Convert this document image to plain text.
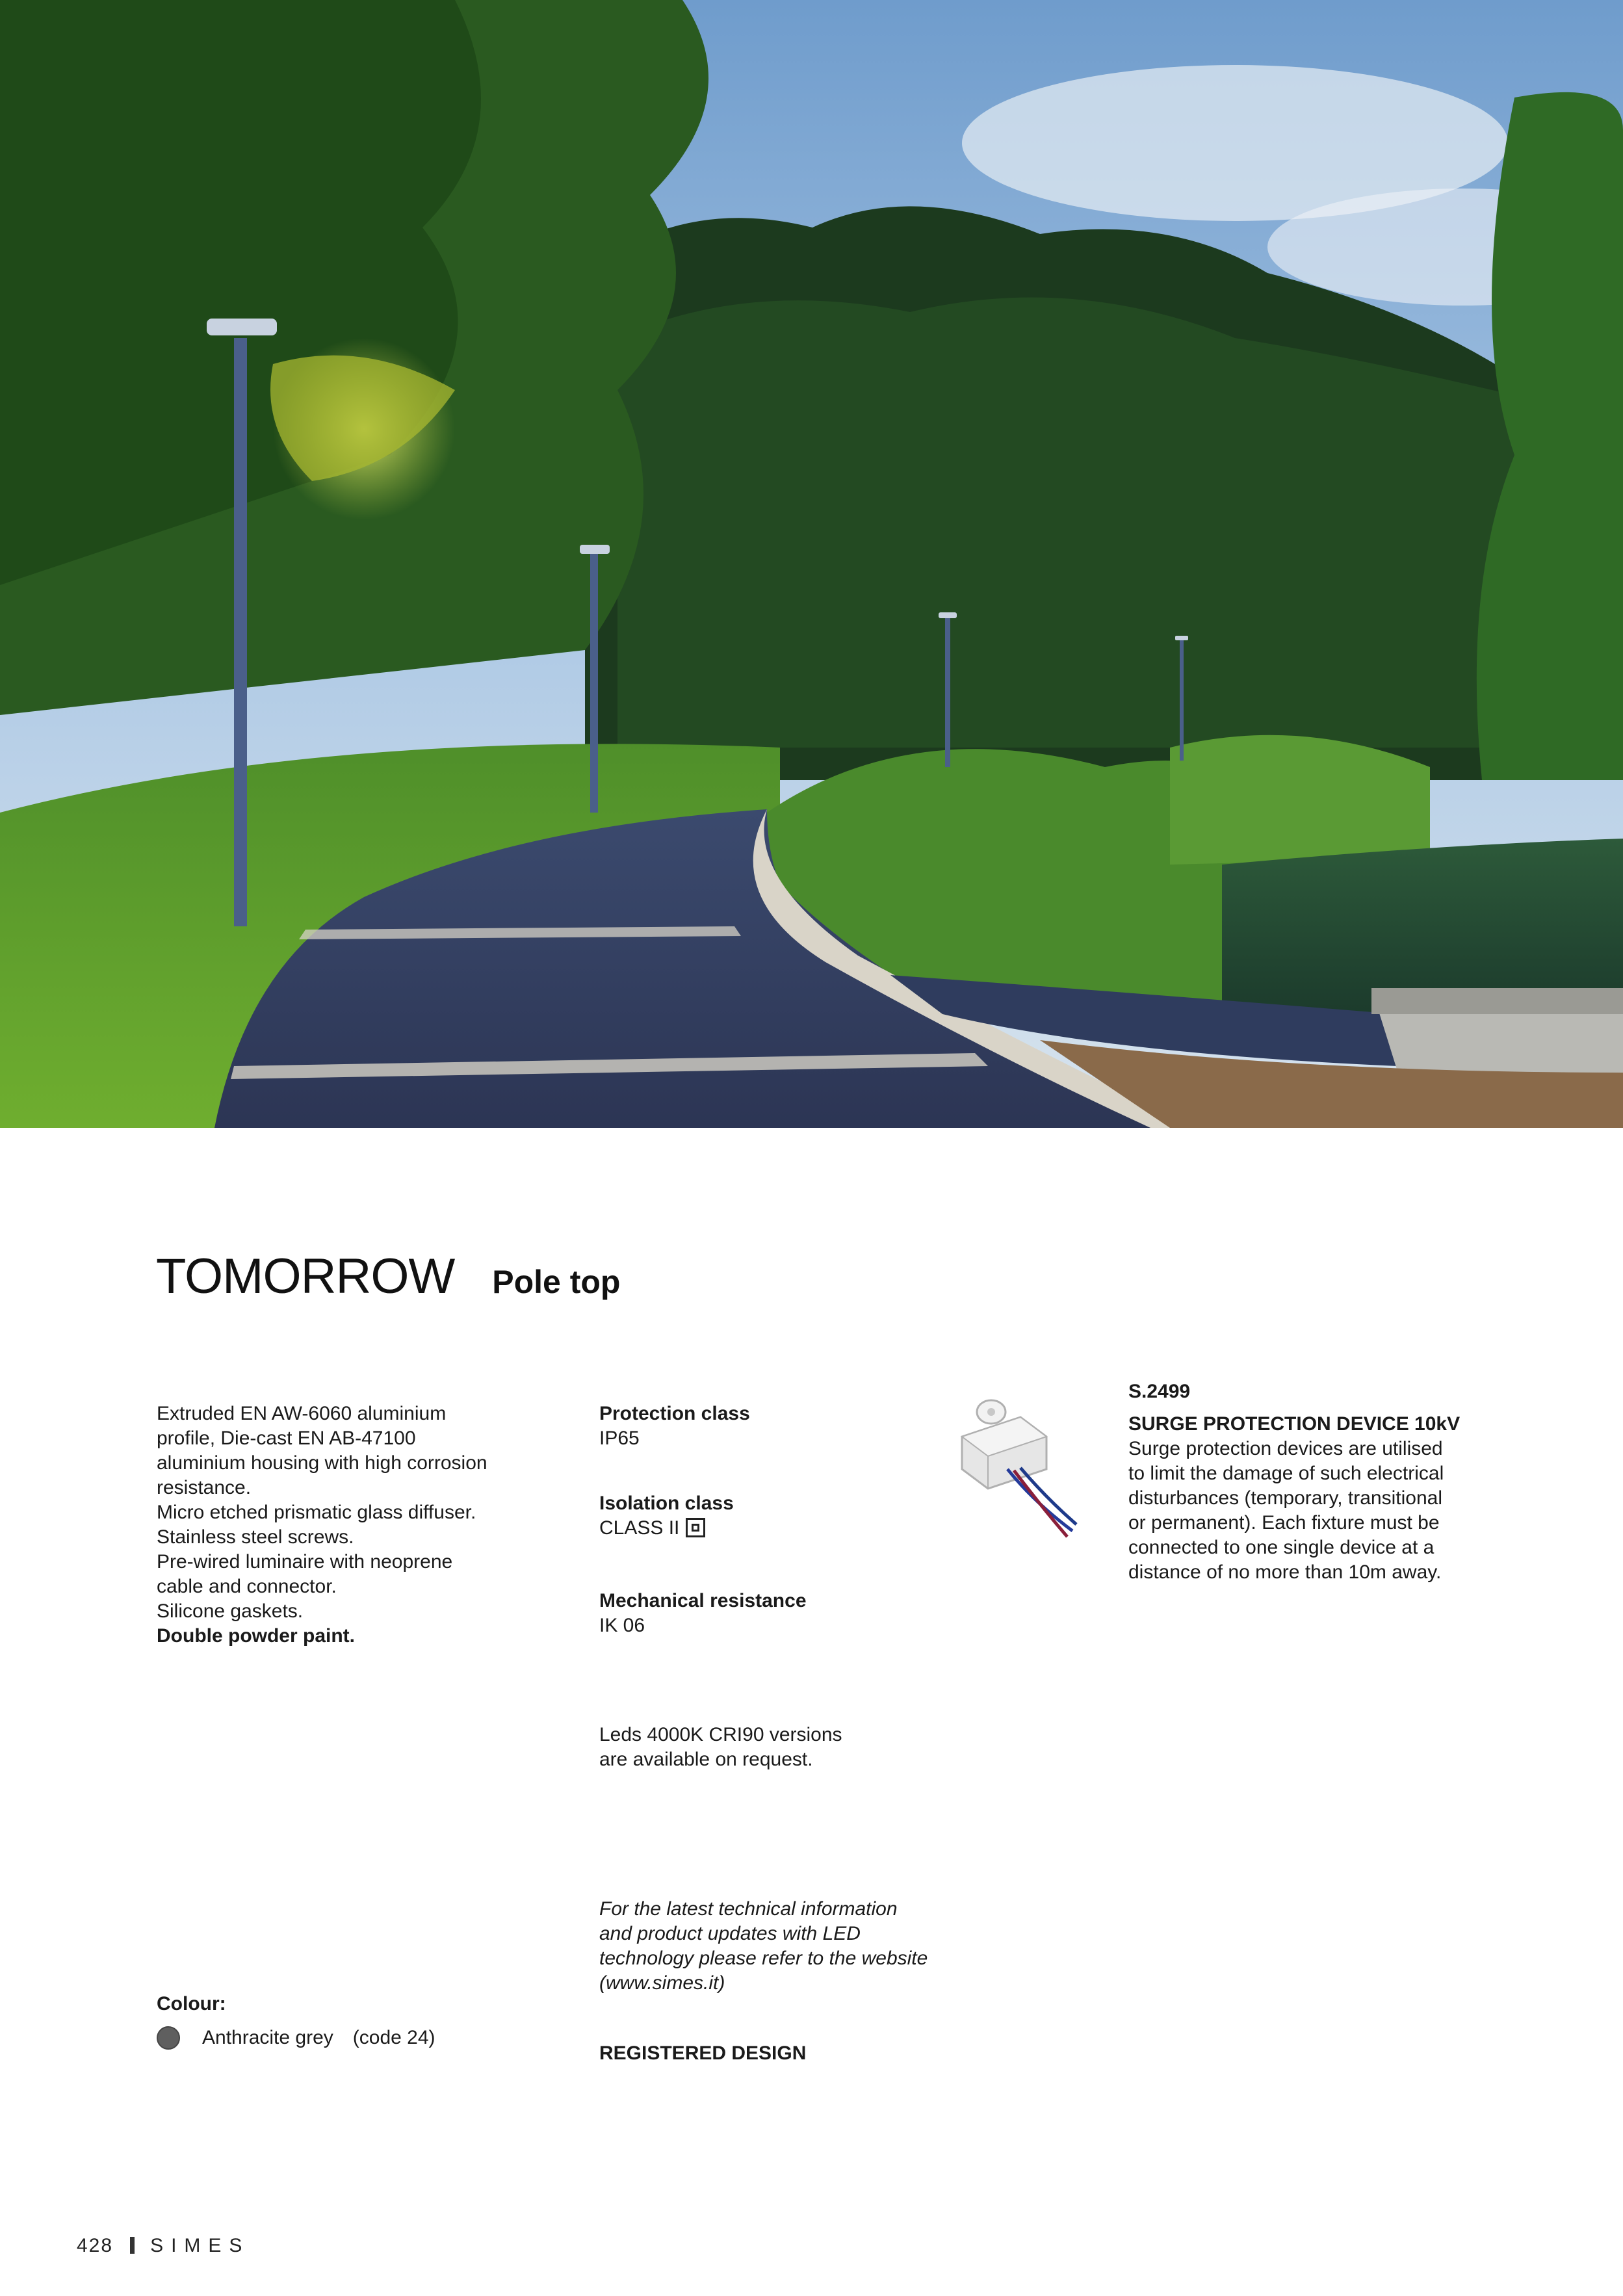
TOMORROW Pole top

Extruded EN AW-6060 aluminium

profile, Die-cast EN AB-47100

aluminium housing with high corrosion

resistance.

Micro etched prismatic glass diffuser.

Stainless steel screws.

Pre-wired luminaire with neoprene

cable and connector.

Silicone gaskets.

Double powder paint.

Protection class

IP65

Isolation class

CLASS II

Mechanical resistance

IK 06

Leds 4000K CRI90 versions

are available on request.

For the latest technical information

and product updates with LED

technology please refer to the website

(www.simes.it)

REGISTERED DESIGN

S.2499

SURGE PROTECTION DEVICE 10kV

Surge protection devices are utilised

to limit the damage of such electrical

disturbances (temporary, transitional

or permanent). Each fixture must be

connected to one single device at a

distance of no more than 10m away.

Colour:

Anthracite grey (code 24)

428 SIMES
